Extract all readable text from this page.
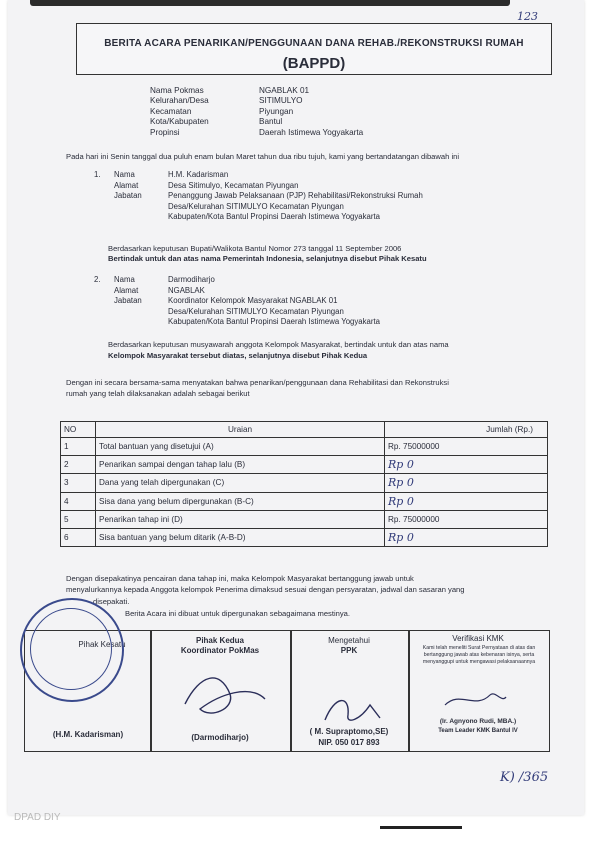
123
BERITA ACARA PENARIKAN/PENGGUNAAN DANA REHAB./REKONSTRUKSI RUMAH
(BAPPD)
Nama Pokmas	NGABLAK 01
Kelurahan/Desa	SITIMULYO
Kecamatan	Piyungan
Kota/Kabupaten	Bantul
Propinsi	Daerah Istimewa Yogyakarta
Pada hari ini Senin tanggal dua puluh enam bulan Maret tahun dua ribu tujuh, kami yang bertandatangan dibawah ini
1.	Nama	H.M. Kadarisman
Alamat	Desa Sitimulyo, Kecamatan Piyungan
Jabatan	Penanggung Jawab Pelaksanaan (PJP) Rehabilitasi/Rekonstruksi Rumah
Desa/Kelurahan SITIMULYO Kecamatan Piyungan
Kabupaten/Kota Bantul Propinsi Daerah Istimewa Yogyakarta
Berdasarkan keputusan Bupati/Walikota Bantul Nomor 273 tanggal 11 September 2006
Bertindak untuk dan atas nama Pemerintah Indonesia, selanjutnya disebut Pihak Kesatu
2.	Nama	Darmodiharjo
Alamat	NGABLAK
Jabatan	Koordinator Kelompok Masyarakat NGABLAK 01
Desa/Kelurahan SITIMULYO Kecamatan Piyungan
Kabupaten/Kota Bantul Propinsi Daerah Istimewa Yogyakarta
Berdasarkan keputusan musyawarah anggota Kelompok Masyarakat, bertindak untuk dan atas nama
Kelompok Masyarakat tersebut diatas, selanjutnya disebut Pihak Kedua
Dengan ini secara bersama-sama menyatakan bahwa penarikan/penggunaan dana Rehabilitasi dan Rekonstruksi
rumah yang telah dilaksanakan adalah sebagai berikut
NO	Uraian	Jumlah (Rp.)
1	Total bantuan yang disetujui (A)	Rp. 75000000
2	Penarikan sampai dengan tahap lalu (B)	Rp 0
3	Dana yang telah dipergunakan (C)	Rp 0
4	Sisa dana yang belum dipergunakan (B-C)	Rp 0
5	Penarikan tahap ini (D)	Rp. 75000000
6	Sisa bantuan yang belum ditarik (A-B-D)	Rp 0
Dengan disepakatinya pencairan dana tahap ini, maka Kelompok Masyarakat bertanggung jawab untuk
menyalurkannya kepada Anggota kelompok Penerima dimaksud sesuai dengan persyaratan, jadwal dan sasaran yang
disepakati.
Berita Acara ini dibuat untuk dipergunakan sebagaimana mestinya.
Pihak Kesatu
(H.M. Kadarisman)
Pihak Kedua
Koordinator PokMas
(Darmodiharjo)
Mengetahui
PPK
( M. Supraptomo,SE)
NIP. 050 017 893
Verifikasi KMK
Kami telah meneliti Surat Pernyataan di atas dan bertanggung jawab atas kebenaran isinya, serta menyanggupi untuk mengawasi pelaksanaannya
(Ir. Agnyono Rudi, MBA.)
Team Leader KMK Bantul IV
K) /365
DPAD DIY
